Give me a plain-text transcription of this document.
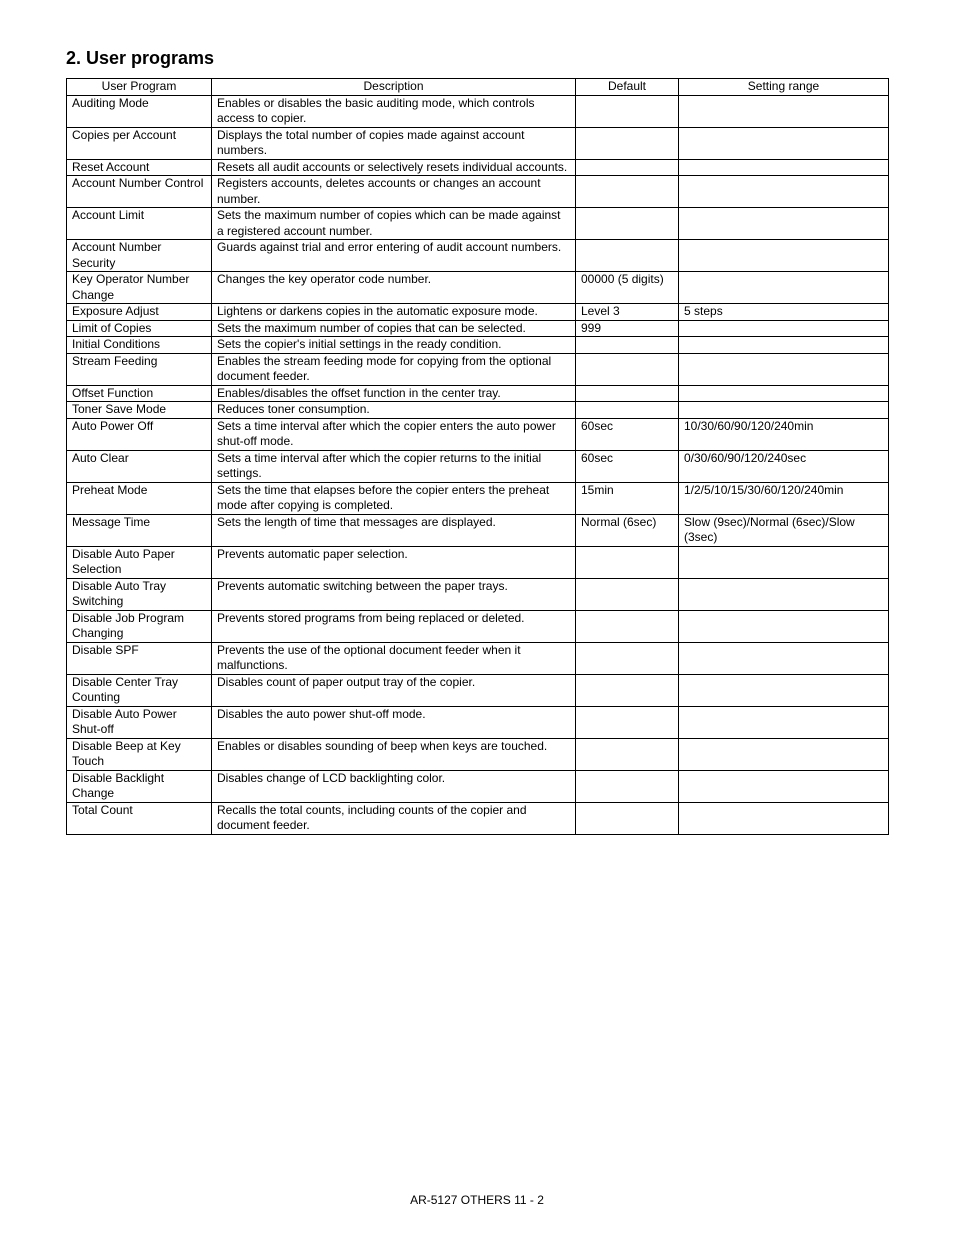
2. User programs
User Program	Description	Default	Setting range
Auditing Mode	Enables or disables the basic auditing mode, which controls access to copier.		
Copies per Account	Displays the total number of copies made against account numbers.		
Reset Account	Resets all audit accounts or selectively resets individual accounts.		
Account Number Control	Registers accounts, deletes accounts or changes an account number.		
Account Limit	Sets the maximum number of copies which can be made against a registered account number.		
Account Number Security	Guards against trial and error entering of audit account numbers.		
Key Operator Number Change	Changes the key operator code number.	00000 (5 digits)	
Exposure Adjust	Lightens or darkens copies in the automatic exposure mode.	Level 3	5 steps
Limit of Copies	Sets the maximum number of copies that can be selected.	999	
Initial Conditions	Sets the copier's initial settings in the ready condition.		
Stream Feeding	Enables the stream feeding mode for copying from the optional document feeder.		
Offset Function	Enables/disables the offset function in the center tray.		
Toner Save Mode	Reduces toner consumption.		
Auto Power Off	Sets a time interval after which the copier enters the auto power shut-off mode.	60sec	10/30/60/90/120/240min
Auto Clear	Sets a time interval after which the copier returns to the initial settings.	60sec	0/30/60/90/120/240sec
Preheat Mode	Sets the time that elapses before the copier enters the preheat mode after copying is completed.	15min	1/2/5/10/15/30/60/120/240min
Message Time	Sets the length of time that messages are displayed.	Normal (6sec)	Slow (9sec)/Normal (6sec)/Slow (3sec)
Disable Auto Paper Selection	Prevents automatic paper selection.		
Disable Auto Tray Switching	Prevents automatic switching between the paper trays.		
Disable Job Program Changing	Prevents stored programs from being replaced or deleted.		
Disable SPF	Prevents the use of the optional document feeder when it malfunctions.		
Disable Center Tray Counting	Disables count of paper output tray of the copier.		
Disable Auto Power Shut-off	Disables the auto power shut-off mode.		
Disable Beep at Key Touch	Enables or disables sounding of beep when keys are touched.		
Disable Backlight Change	Disables change of LCD backlighting color.		
Total Count	Recalls the total counts, including counts of the copier and document feeder.		
AR-5127 OTHERS 11 - 2
